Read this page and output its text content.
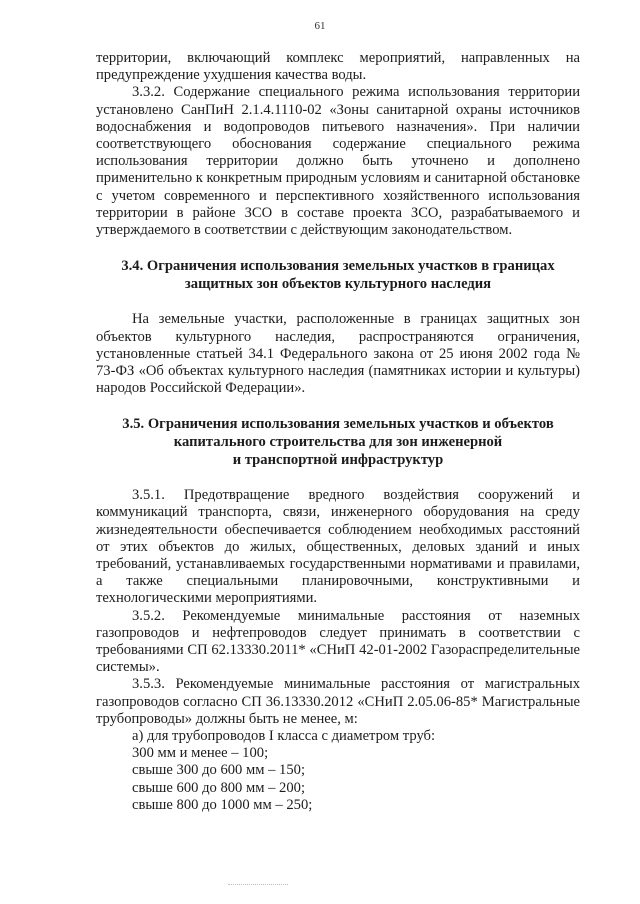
61

территории, включающий комплекс мероприятий, направленных на предупреждение ухудшения качества воды.

3.3.2. Содержание специального режима использования территории установлено СанПиН 2.1.4.1110-02 «Зоны санитарной охраны источников водоснабжения и водопроводов питьевого назначения». При наличии соответствующего обоснования содержание специального режима использования территории должно быть уточнено и дополнено применительно к конкретным природным условиям и санитарной обстановке с учетом современного и перспективного хозяйственного использования территории в районе ЗСО в составе проекта ЗСО, разрабатываемого и утверждаемого в соответствии с действующим законодательством.

3.4. Ограничения использования земельных участков в границах

защитных зон объектов культурного наследия

На земельные участки, расположенные в границах защитных зон объектов культурного наследия, распространяются ограничения, установленные статьей 34.1 Федерального закона от 25 июня 2002 года № 73-ФЗ «Об объектах культурного наследия (памятниках истории и культуры) народов Российской Федерации».

3.5. Ограничения использования земельных участков и объектов

капитального строительства для зон инженерной

и транспортной инфраструктур

3.5.1. Предотвращение вредного воздействия сооружений и коммуникаций транспорта, связи, инженерного оборудования на среду жизнедеятельности обеспечивается соблюдением необходимых расстояний от этих объектов до жилых, общественных, деловых зданий и иных требований, устанавливаемых государственными нормативами и правилами, а также специальными планировочными, конструктивными и технологическими мероприятиями.

3.5.2. Рекомендуемые минимальные расстояния от наземных газопроводов и нефтепроводов следует принимать в соответствии с требованиями СП 62.13330.2011* «СНиП 42-01-2002 Газораспределительные системы».

3.5.3. Рекомендуемые минимальные расстояния от магистральных газопроводов согласно СП 36.13330.2012 «СНиП 2.05.06-85* Магистральные трубопроводы» должны быть не менее, м:

а) для трубопроводов I класса с диаметром труб:

300 мм и менее – 100;

свыше 300 до 600 мм – 150;

свыше 600 до 800 мм – 200;

свыше 800 до 1000 мм – 250;
